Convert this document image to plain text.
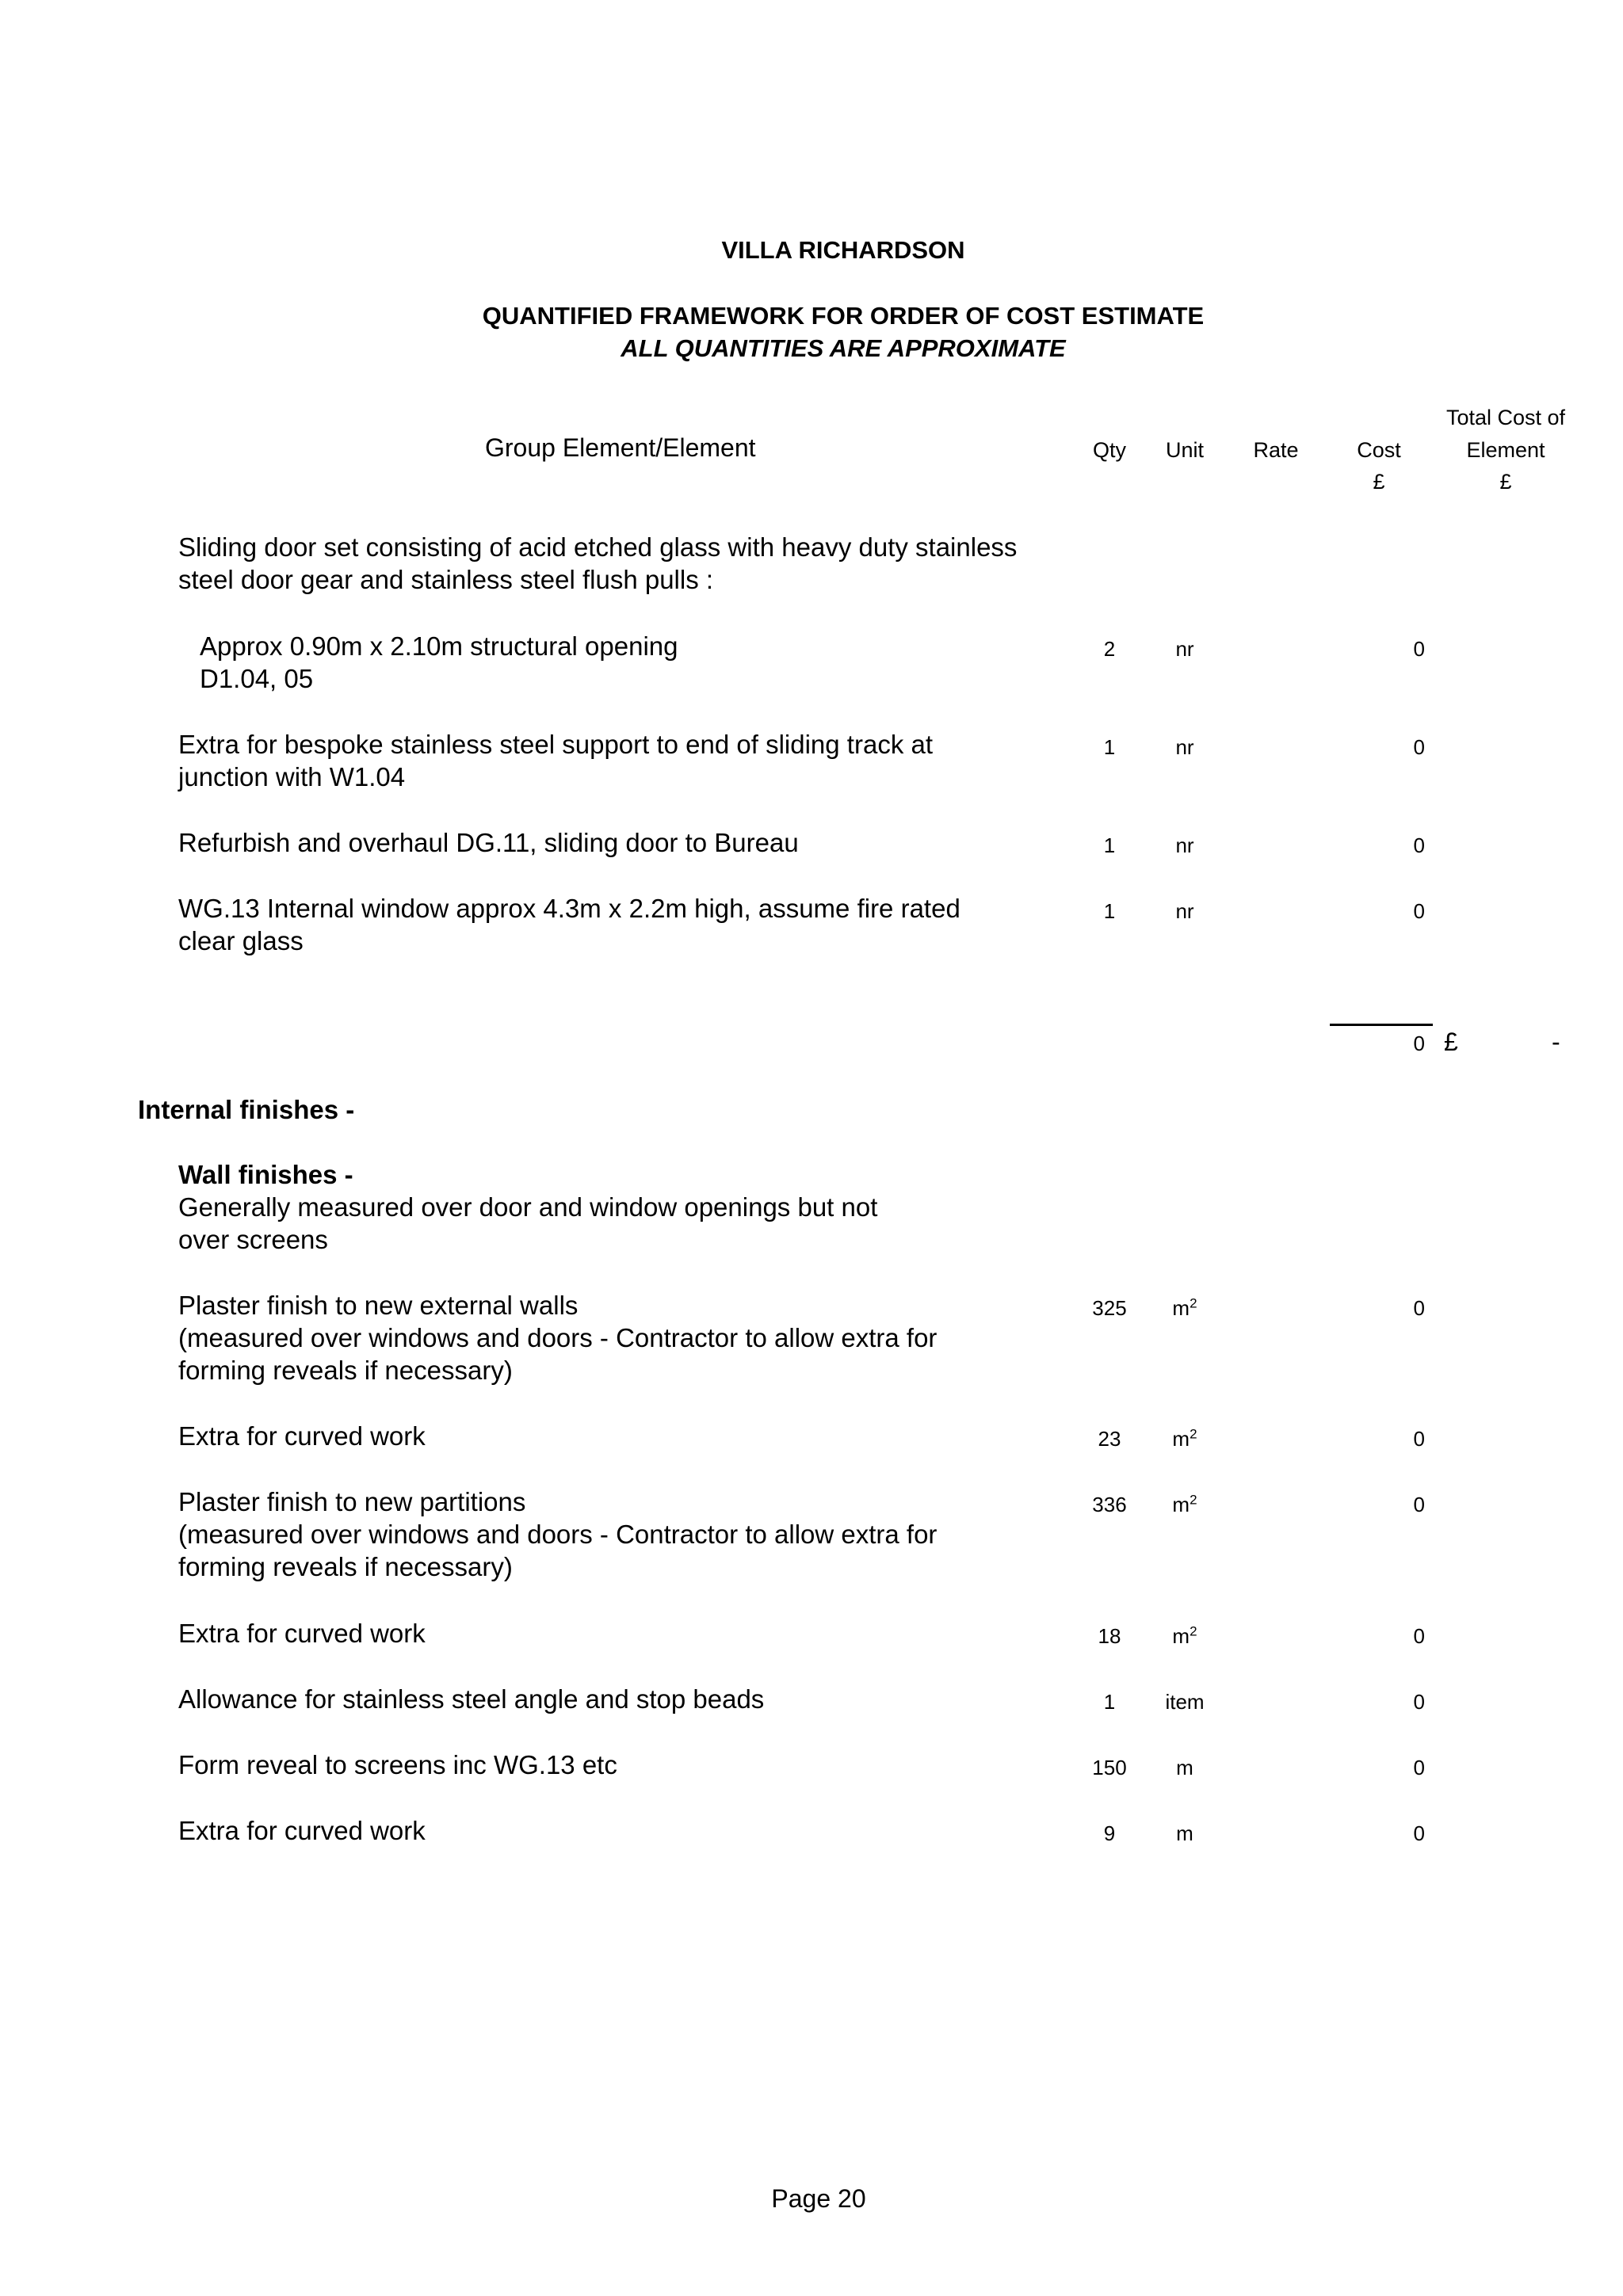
VILLA RICHARDSON
QUANTIFIED FRAMEWORK FOR ORDER OF COST ESTIMATE
ALL QUANTITIES ARE APPROXIMATE
Group Element/Element	Qty	Unit	Rate	Cost
£
Total Cost of
Element
£
Sliding door set consisting of acid etched glass with heavy duty stainless
steel door gear and stainless steel flush pulls :
Approx 0.90m x 2.10m structural opening
D1.04, 05
2	nr	0
Extra for bespoke stainless steel support to end of sliding track at
junction with W1.04
1	nr	0
Refurbish and overhaul DG.11, sliding door to Bureau	1	nr	0
WG.13 Internal window approx 4.3m x 2.2m high, assume fire rated
clear glass
1	nr	0
0 £	-
Internal finishes -
Wall finishes -
Generally measured over door and window openings but not
over screens
Plaster finish to new external walls
(measured over windows and doors - Contractor to allow extra for
forming reveals if necessary)
325	$m^2$	0
Extra for curved work	23	$m^2$	0
Plaster finish to new partitions
(measured over windows and doors - Contractor to allow extra for
forming reveals if necessary)
336	$m^2$	0
Extra for curved work	18	$m^2$	0
Allowance for stainless steel angle and stop beads	1	item	0
Form reveal to screens inc WG.13 etc	150	m	0
Extra for curved work	9	m	0
Page 20
